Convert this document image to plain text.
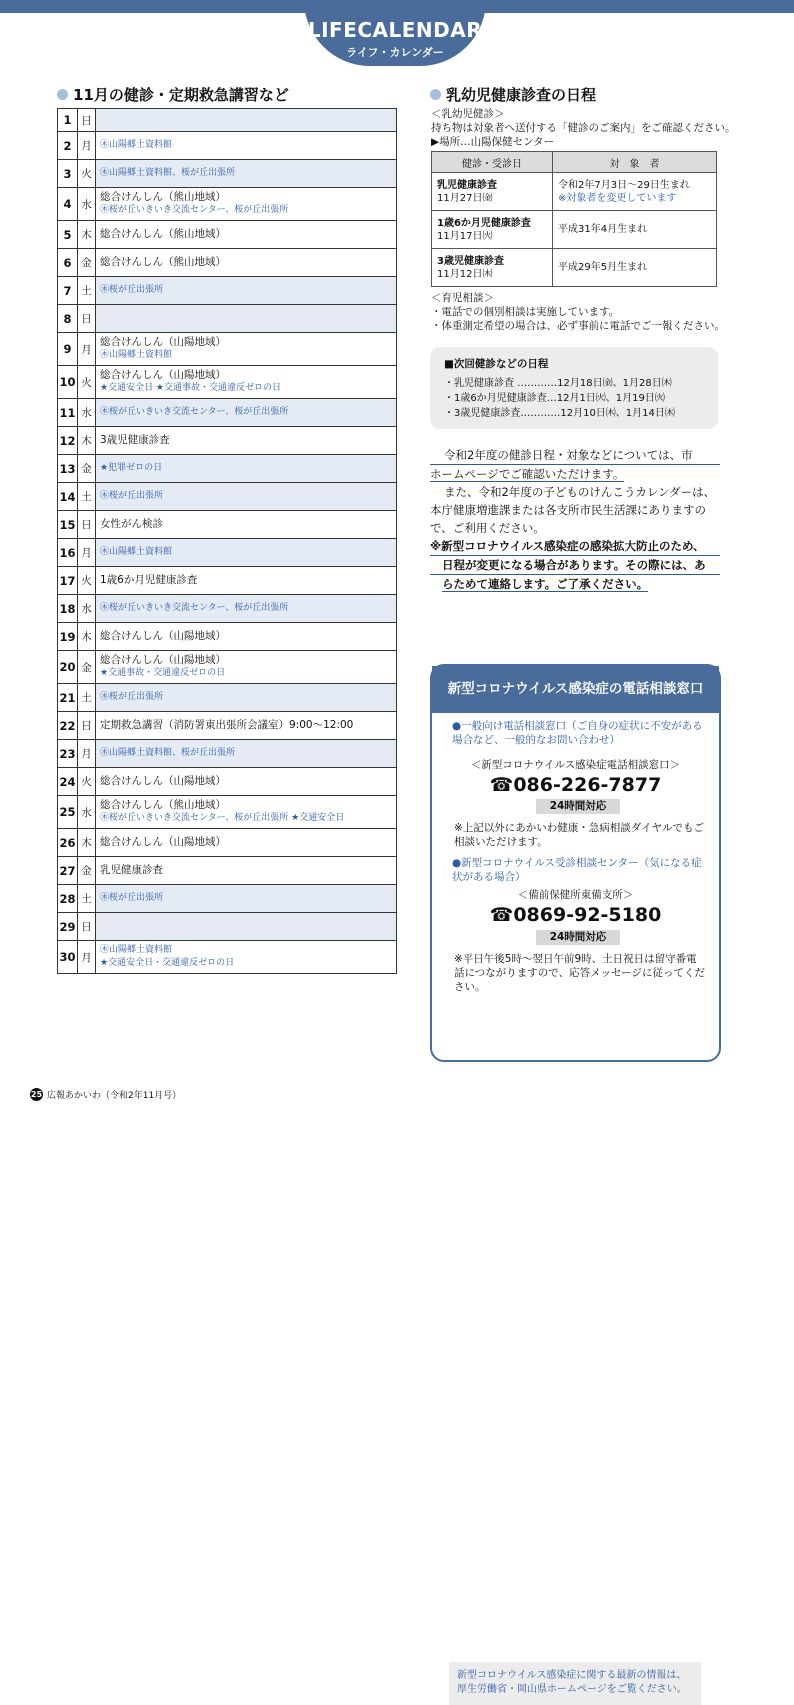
LIFECALENDAR
ライフ・カレンダー
11月の健診・定期救急講習など
1	日	
2	月	㊍山陽郷土資料館

3	火	㊍山陽郷土資料館、桜が丘出張所

4	水	総合けんしん（熊山地域）
㊍桜が丘いきいき交流センター、桜が丘出張所

5	木	総合けんしん（熊山地域）

6	金	総合けんしん（熊山地域）

7	土	㊍桜が丘出張所

8	日	
9	月	総合けんしん（山陽地域）
㊍山陽郷土資料館

10	火	総合けんしん（山陽地域）
★交通安全日 ★交通事故・交通違反ゼロの日

11	水	㊍桜が丘いきいき交流センター、桜が丘出張所

12	木	3歳児健康診査

13	金	★犯罪ゼロの日

14	土	㊍桜が丘出張所

15	日	女性がん検診

16	月	㊍山陽郷土資料館

17	火	1歳6か月児健康診査

18	水	㊍桜が丘いきいき交流センター、桜が丘出張所

19	木	総合けんしん（山陽地域）

20	金	総合けんしん（山陽地域）
★交通事故・交通違反ゼロの日

21	土	㊍桜が丘出張所

22	日	定期救急講習（消防署東出張所会議室）9:00～12:00

23	月	㊍山陽郷土資料館、桜が丘出張所

24	火	総合けんしん（山陽地域）

25	水	総合けんしん（熊山地域）
㊍桜が丘いきいき交流センター、桜が丘出張所 ★交通安全日

26	木	総合けんしん（山陽地域）

27	金	乳児健康診査

28	土	㊍桜が丘出張所

29	日	
30	月	㊍山陽郷土資料館
★交通安全日・交通違反ゼロの日
乳幼児健康診査の日程
＜乳幼児健診＞
持ち物は対象者へ送付する「健診のご案内」をご確認ください。
▶場所…山陽保健センター
健診・受診日	対　象　者
乳児健康診査
11月27日㈮	令和2年7月3日～29日生まれ
※対象者を変更しています
1歳6か月児健康診査
11月17日㈫	平成31年4月生まれ
3歳児健康診査
11月12日㈭	平成29年5月生まれ
＜育児相談＞
・電話での個別相談は実施しています。
・体重測定希望の場合は、必ず事前に電話でご一報ください。
■次回健診などの日程
・乳児健康診査 …………12月18日㈮、1月28日㈭
・1歳6か月児健康診査…12月1日㈫、1月19日㈫
・3歳児健康診査…………12月10日㈭、1月14日㈭
令和2年度の健診日程・対象などについては、市
ホームページでご確認いただけます。
また、令和2年度の子どものけんこうカレンダーは、
本庁健康増進課または各支所市民生活課にありますので、ご利用ください。
※新型コロナウイルス感染症の感染拡大防止のため、
日程が変更になる場合があります。その際には、あ
らためて連絡します。ご了承ください。
新型コロナウイルス感染症の電話相談窓口
●一般向け電話相談窓口（ご自身の症状に不安がある場合など、一般的なお問い合わせ）
＜新型コロナウイルス感染症電話相談窓口＞
☎086-226-7877
24時間対応
※上記以外にあかいわ健康・急病相談ダイヤルでもご相談いただけます。
●新型コロナウイルス受診相談センター（気になる症状がある場合）
＜備前保健所東備支所＞
☎0869-92-5180
24時間対応
※平日午後5時～翌日午前9時、土日祝日は留守番電話につながりますので、応答メッセージに従ってください。
新型コロナウイルス感染症に関する最新の情報は、厚生労働省・岡山県ホームページをご覧ください。
25 広報あかいわ（令和2年11月号）
